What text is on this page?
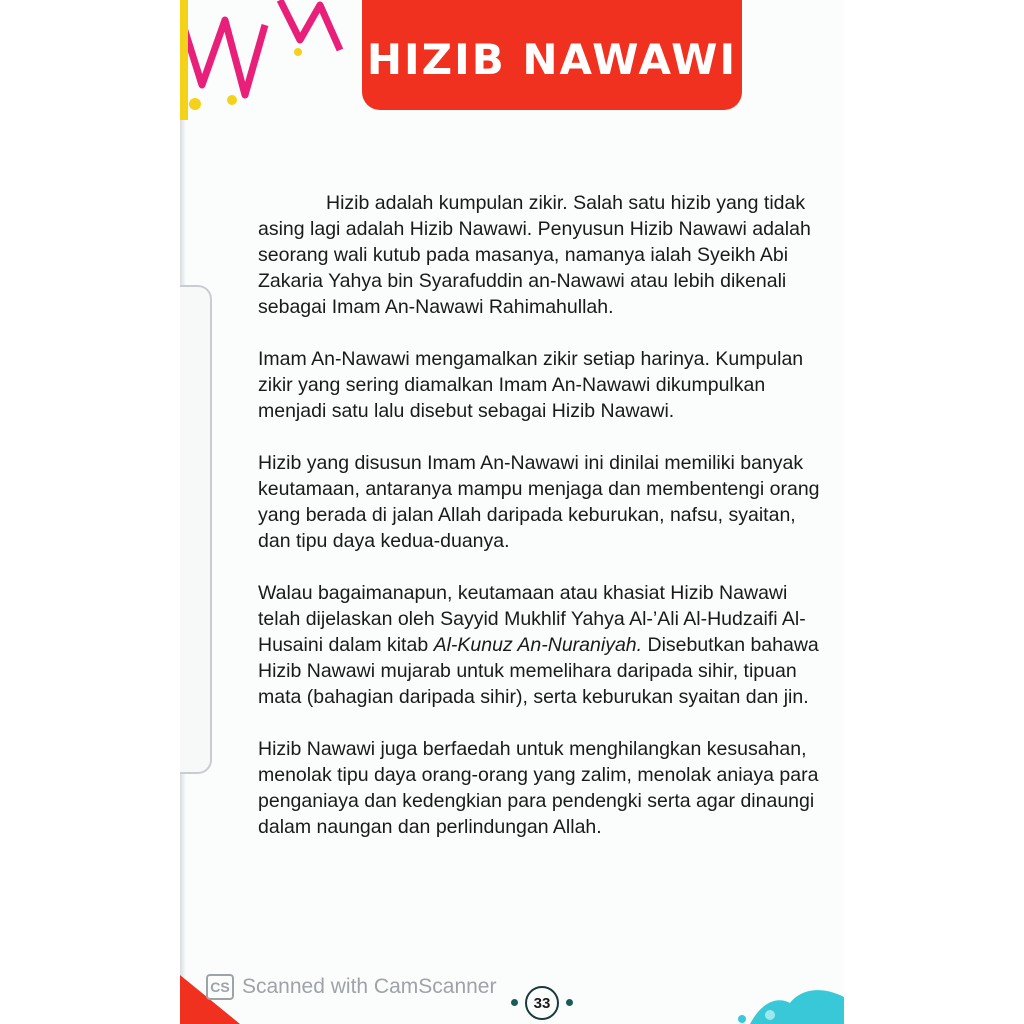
HIZIB NAWAWI

Hizib adalah kumpulan zikir. Salah satu hizib yang tidak asing lagi adalah Hizib Nawawi. Penyusun Hizib Nawawi adalah seorang wali kutub pada masanya, namanya ialah Syeikh Abi Zakaria Yahya bin Syarafuddin an-Nawawi atau lebih dikenali sebagai Imam An-Nawawi Rahimahullah.

Imam An-Nawawi mengamalkan zikir setiap harinya. Kumpulan zikir yang sering diamalkan Imam An-Nawawi dikumpulkan menjadi satu lalu disebut sebagai Hizib Nawawi.

Hizib yang disusun Imam An-Nawawi ini dinilai memiliki banyak keutamaan, antaranya mampu menjaga dan membentengi orang yang berada di jalan Allah daripada keburukan, nafsu, syaitan, dan tipu daya kedua-duanya.

Walau bagaimanapun, keutamaan atau khasiat Hizib Nawawi telah dijelaskan oleh Sayyid Mukhlif Yahya Al-’Ali Al-Hudzaifi Al-Husaini dalam kitab Al-Kunuz An-Nuraniyah. Disebutkan bahawa Hizib Nawawi mujarab untuk memelihara daripada sihir, tipuan mata (bahagian daripada sihir), serta keburukan syaitan dan jin.

Hizib Nawawi juga berfaedah untuk menghilangkan kesusahan, menolak tipu daya orang-orang yang zalim, menolak aniaya para penganiaya dan kedengkian para pendengki serta agar dinaungi dalam naungan dan perlindungan Allah.

CS Scanned with CamScanner
33
